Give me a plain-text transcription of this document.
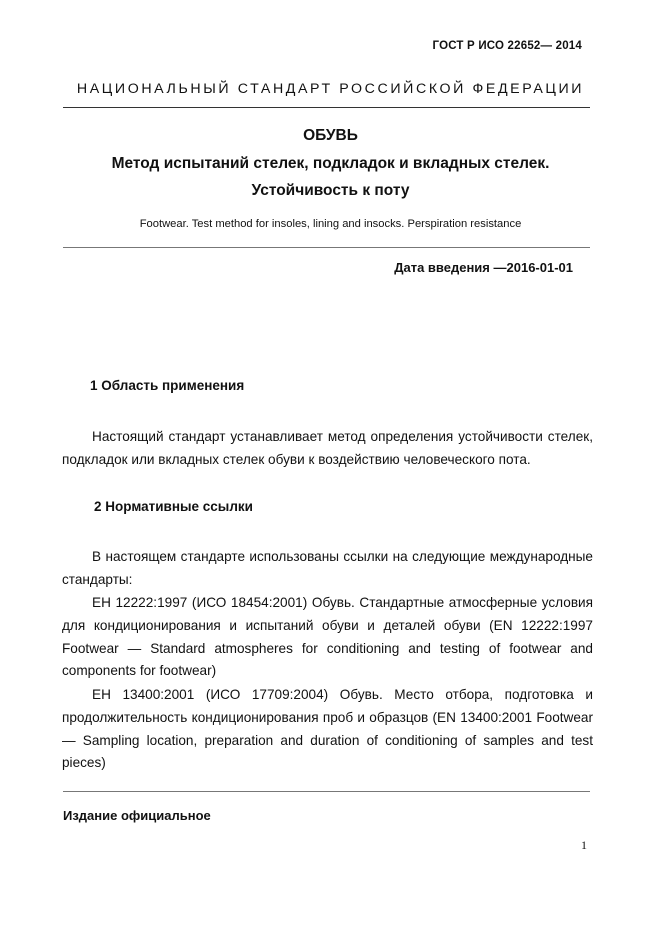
ГОСТ Р ИСО 22652— 2014
НАЦИОНАЛЬНЫЙ СТАНДАРТ РОССИЙСКОЙ ФЕДЕРАЦИИ
ОБУВЬ
Метод испытаний стелек, подкладок и вкладных стелек.
Устойчивость к поту
Footwear. Test method for insoles, lining and insocks. Perspiration resistance
Дата введения —2016-01-01
1 Область применения
Настоящий стандарт устанавливает метод определения устойчивости стелек, подкладок или вкладных стелек обуви к воздействию человеческого пота.
2 Нормативные ссылки
В настоящем стандарте использованы ссылки на следующие международные стандарты:
ЕН 12222:1997 (ИСО 18454:2001) Обувь. Стандартные атмосферные условия для кондиционирования и испытаний обуви и деталей обуви (EN 12222:1997 Footwear — Standard atmospheres for conditioning and testing of footwear and components for footwear)
ЕН 13400:2001 (ИСО 17709:2004) Обувь. Место отбора, подготовка и продолжительность кондиционирования проб и образцов (EN 13400:2001 Footwear — Sampling location, preparation and duration of conditioning of samples and test pieces)
Издание официальное
1
